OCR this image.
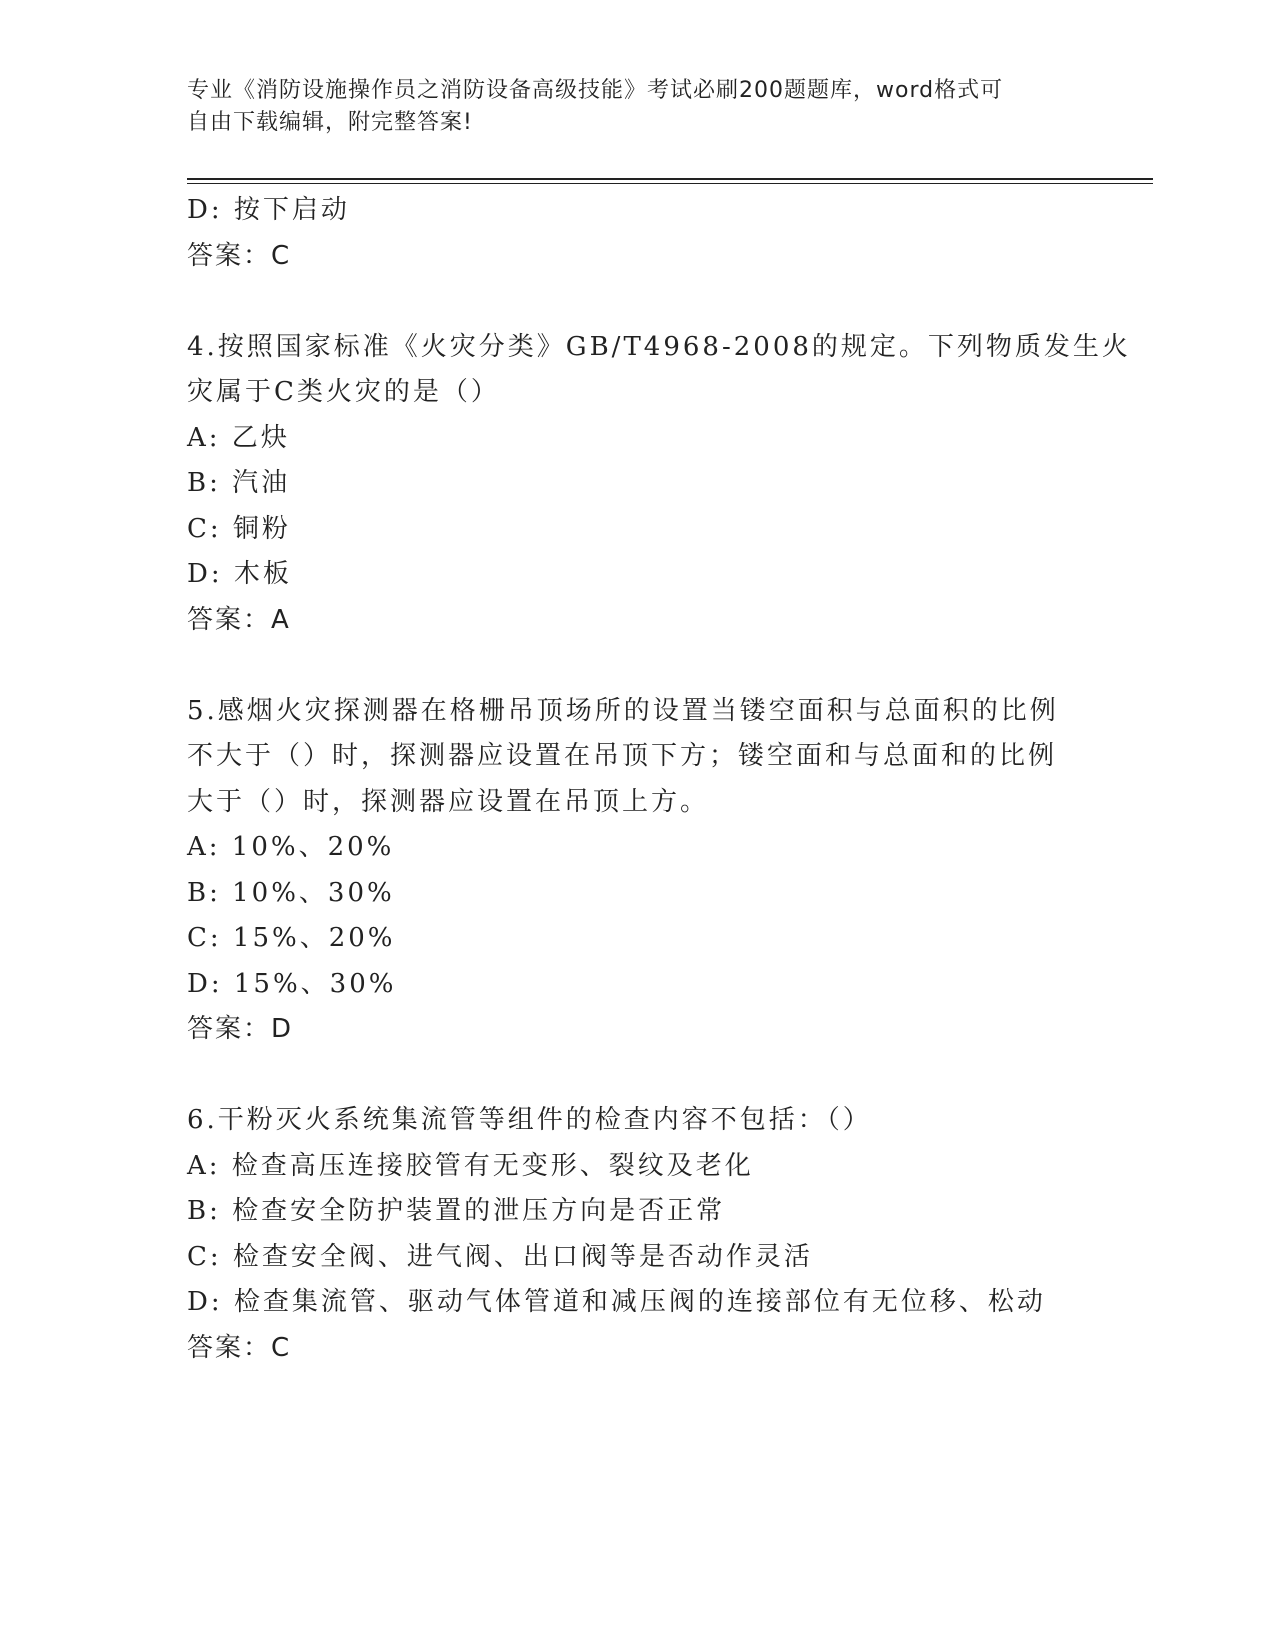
专业《消防设施操作员之消防设备高级技能》考试必刷200题题库，word格式可
自由下载编辑，附完整答案!
D: 按下启动
答案：C
4.按照国家标准《火灾分类》GB/T4968-2008的规定。下列物质发生火
灾属于C类火灾的是（）
A: 乙炔
B: 汽油
C: 铜粉
D: 木板
答案：A
5.感烟火灾探测器在格栅吊顶场所的设置当镂空面积与总面积的比例
不大于（）时，探测器应设置在吊顶下方；镂空面和与总面和的比例
大于（）时，探测器应设置在吊顶上方。
A: 10%、20%
B: 10%、30%
C: 15%、20%
D: 15%、30%
答案：D
6.干粉灭火系统集流管等组件的检查内容不包括：（）
A: 检查高压连接胶管有无变形、裂纹及老化
B: 检查安全防护装置的泄压方向是否正常
C: 检查安全阀、进气阀、出口阀等是否动作灵活
D: 检查集流管、驱动气体管道和减压阀的连接部位有无位移、松动
答案：C
